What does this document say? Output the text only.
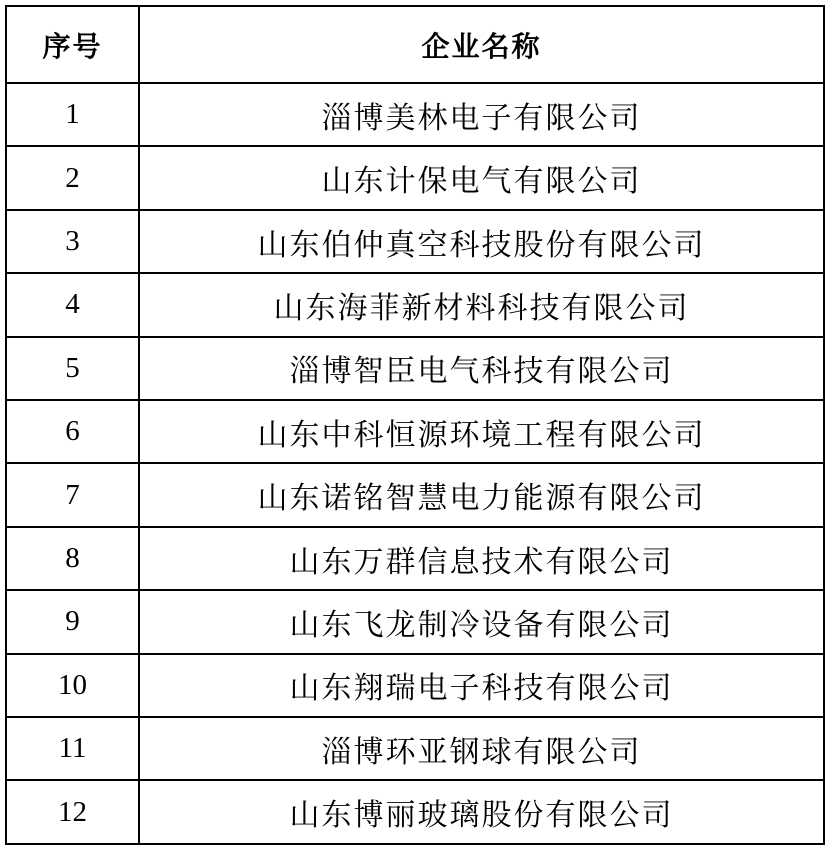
序号	企业名称
1	淄博美林电子有限公司
2	山东计保电气有限公司
3	山东伯仲真空科技股份有限公司
4	山东海菲新材料科技有限公司
5	淄博智臣电气科技有限公司
6	山东中科恒源环境工程有限公司
7	山东诺铭智慧电力能源有限公司
8	山东万群信息技术有限公司
9	山东飞龙制冷设备有限公司
10	山东翔瑞电子科技有限公司
11	淄博环亚钢球有限公司
12	山东博丽玻璃股份有限公司
